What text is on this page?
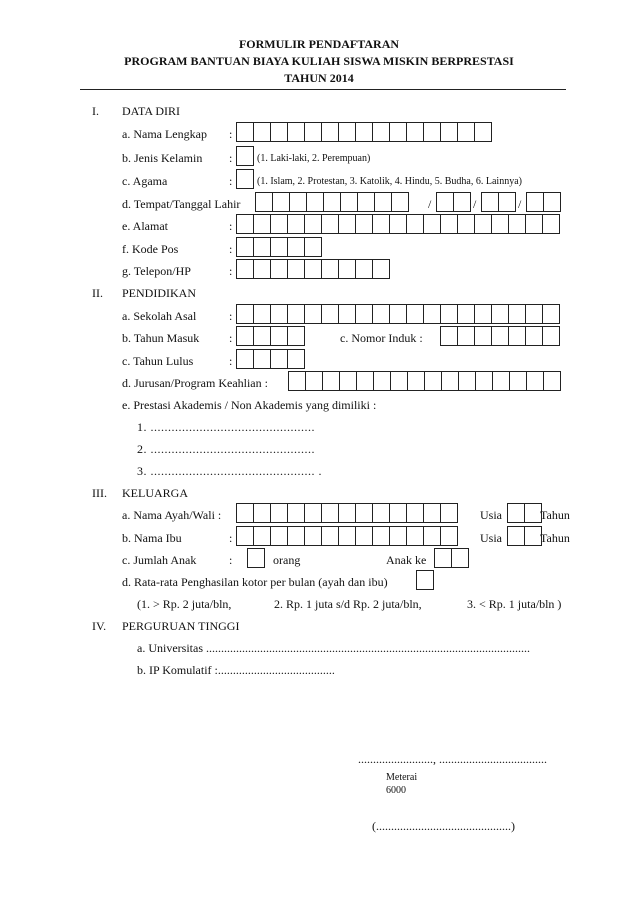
FORMULIR PENDAFTARAN
PROGRAM BANTUAN BIAYA KULIAH SISWA MISKIN BERPRESTASI
TAHUN 2014
I. DATA DIRI
a. Nama Lengkap :
b. Jenis Kelamin : (1. Laki-laki, 2. Perempuan)
c. Agama	: (1. Islam, 2. Protestan, 3. Katolik, 4. Hindu, 5. Budha, 6. Lainnya)
d. Tempat/Tanggal Lahir	/	/	/
e. Alamat	:
f. Kode Pos	:
g. Telepon/HP	:
II. PENDIDIKAN
a. Sekolah Asal	:
b. Tahun Masuk :	c. Nomor Induk :
c. Tahun Lulus	:
d. Jurusan/Program Keahlian :
e. Prestasi Akademis / Non Akademis yang dimiliki :
1. ...............................................
2. ...............................................
3. ............................................... .
III. KELUARGA
a. Nama Ayah/Wali :	Usia	Tahun
b. Nama Ibu	:	Usia	Tahun
c. Jumlah Anak	:	orang	Anak ke
d. Rata-rata Penghasilan kotor per bulan (ayah dan ibu)
(1. > Rp. 2 juta/bln,	2. Rp. 1 juta s/d Rp. 2 juta/bln,	3. < Rp. 1 juta/bln )
IV. PERGURUAN TINGGI
a. Universitas ............................................................................................................
b. IP Komulatif :.......................................
........................., ....................................
Meterai
6000
(.............................................)
